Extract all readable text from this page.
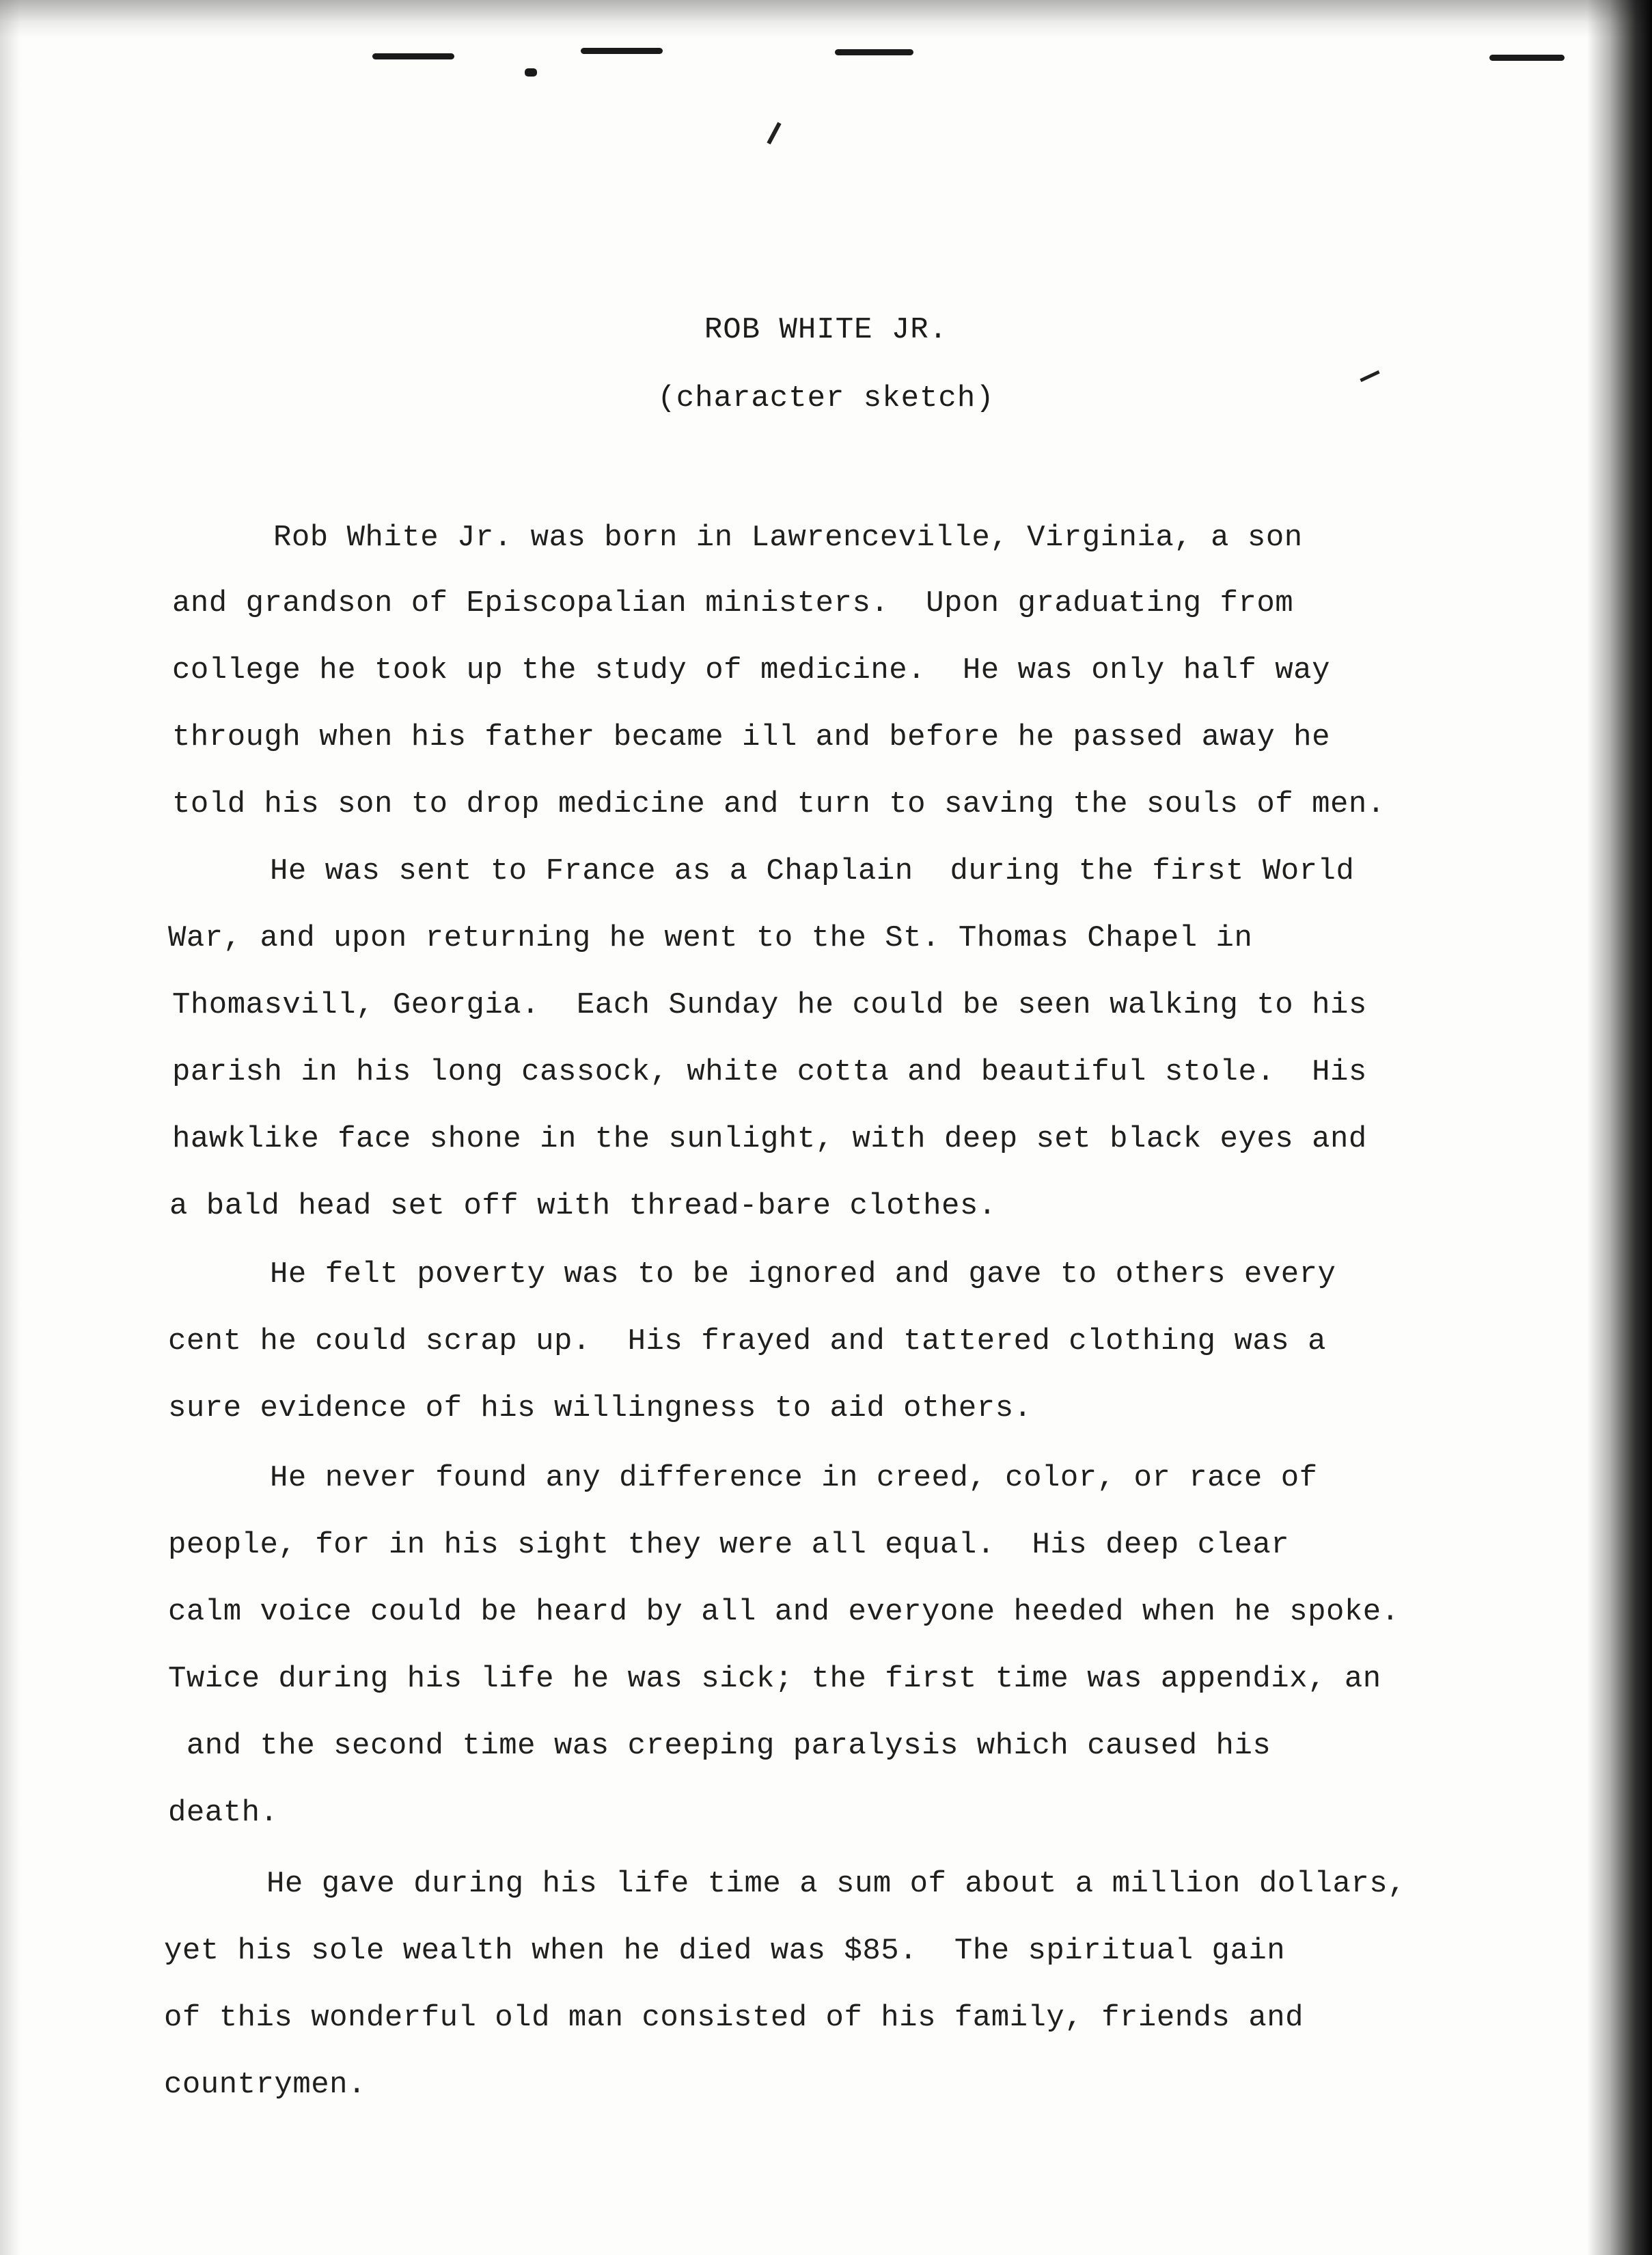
ROB WHITE JR.
(character sketch)
Rob White Jr. was born in Lawrenceville, Virginia, a son
and grandson of Episcopalian ministers.  Upon graduating from
college he took up the study of medicine.  He was only half way
through when his father became ill and before he passed away he
told his son to drop medicine and turn to saving the souls of men.
He was sent to France as a Chaplain  during the first World
War, and upon returning he went to the St. Thomas Chapel in
Thomasvill, Georgia.  Each Sunday he could be seen walking to his
parish in his long cassock, white cotta and beautiful stole.  His
hawklike face shone in the sunlight, with deep set black eyes and
a bald head set off with thread-bare clothes.
He felt poverty was to be ignored and gave to others every
cent he could scrap up.  His frayed and tattered clothing was a
sure evidence of his willingness to aid others.
He never found any difference in creed, color, or race of
people, for in his sight they were all equal.  His deep clear
calm voice could be heard by all and everyone heeded when he spoke.
Twice during his life he was sick; the first time was appendix, an
and the second time was creeping paralysis which caused his
death.
He gave during his life time a sum of about a million dollars,
yet his sole wealth when he died was $85.  The spiritual gain
of this wonderful old man consisted of his family, friends and
countrymen.
